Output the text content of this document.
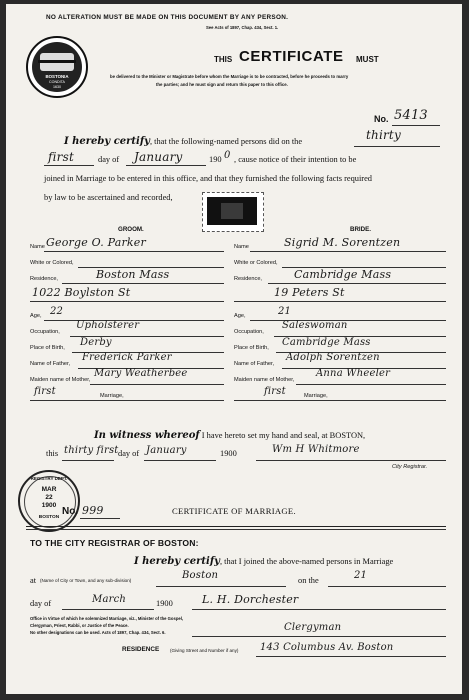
NO ALTERATION MUST BE MADE ON THIS DOCUMENT BY ANY PERSON.
See Acts of 1897, Chap. 434, Sect. 1.
BOSTONIA
CONDITA
1630
THIS CERTIFICATE MUST
be delivered to the Minister or Magistrate before whom the Marriage is to be contracted, before he proceeds to marry
the parties; and he must sign and return this paper to this office.
No. 5413
I hereby certify, that the following-named persons did on the	thirty
first	day of January	190 0 , cause notice of their intention to be
joined in Marriage to be entered in this office, and that they furnished the following facts required
by law to be ascertained and recorded,
GROOM.	BRIDE.
Name George O. Parker
White or Colored,
Residence,	Boston Mass
1022 Boylston St
Age, 22
Occupation,
Upholsterer
Place of Birth, Derby
Name of Father,
Frederick Parker
Maiden name of Mother,
Mary Weatherbee
first	Marriage,
Name	Sigrid M. Sorentzen
White or Colored,
Residence,	Cambridge Mass
19 Peters St
Age,	21
Occupation,
Saleswoman
Place of Birth, Cambridge Mass
Name of Father,
Adolph Sorentzen
Maiden name of Mother,
Anna Wheeler
first	Marriage,
In witness whereof I have hereto set my hand and seal, at BOSTON,
this thirty first day of January	1900	Wm H Whitmore
City Registrar.
REGISTRY DEPT.
MAR
22
1900
BOSTON
No. 999	CERTIFICATE OF MARRIAGE.
TO THE CITY REGISTRAR OF BOSTON:
I hereby certify, that I joined the above-named persons in Marriage
at (Name of City or Town, and any sub-division)	Boston	on the	21
day of	March	1900	L. H. Dorchester
Office in Virtue of which he solemnized Marriage, viz., Minister of the Gospel,
Clergyman, Priest, Rabbi, or Justice of the Peace.
No other designations can be used. Acts of 1897, Chap. 434, Sect. 6.	Clergyman
RESIDENCE (Giving Street and Number if any) 143 Columbus Av. Boston
